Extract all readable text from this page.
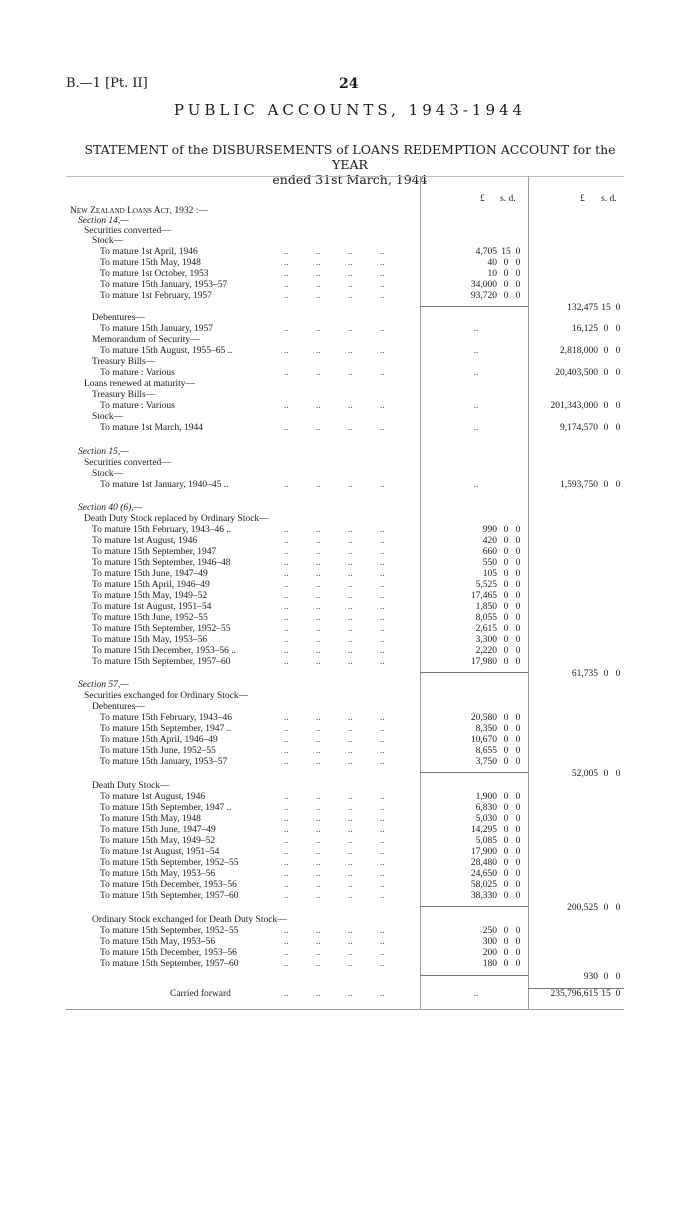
B.—1 [Pt. II]	24
PUBLIC ACCOUNTS, 1943-1944
STATEMENT of the DISBURSEMENTS of LOANS REDEMPTION ACCOUNT for the YEAR
ended 31st March, 1944
£ s. d.	£ s. d.
New Zealand Loans Act, 1932 :—
Section 14,—
Securities converted—
Stock—
To mature 1st April, 1946	..	..	..	..	4,705 15 0
To mature 15th May, 1948	..	..	..	..	40 0 0
To mature 1st October, 1953	..	..	..	..	10 0 0
To mature 15th January, 1953–57	..	..	..	..	34,000 0 0
To mature 1st February, 1957	..	..	..	..	93,720 0 0
132,475 15 0
Debentures—
To mature 15th January, 1957	..	..	..	..	..	16,125 0 0
Memorandum of Security—
To mature 15th August, 1955–65 ..	..	..	..	..	..	2,818,000 0 0
Treasury Bills—
To mature : Various	..	..	..	..	..	20,403,500 0 0
Loans renewed at maturity—
Treasury Bills—
To mature : Various	..	..	..	..	..	201,343,000 0 0
Stock—
To mature 1st March, 1944	..	..	..	..	..	9,174,570 0 0
Section 15,—
Securities converted—
Stock—
To mature 1st January, 1940–45 ..	..	..	..	..	..	1,593,750 0 0
Section 40 (6),—
Death Duty Stock replaced by Ordinary Stock—
To mature 15th February, 1943–46 ..	..	..	..	..	990 0 0
To mature 1st August, 1946	..	..	..	..	420 0 0
To mature 15th September, 1947	..	..	..	..	660 0 0
To mature 15th September, 1946–48	..	..	..	..	550 0 0
To mature 15th June, 1947–49	..	..	..	..	105 0 0
To mature 15th April, 1946–49	..	..	..	..	5,525 0 0
To mature 15th May, 1949–52	..	..	..	..	17,465 0 0
To mature 1st August, 1951–54	..	..	..	..	1,850 0 0
To mature 15th June, 1952–55	..	..	..	..	8,055 0 0
To mature 15th September, 1952–55	..	..	..	..	2,615 0 0
To mature 15th May, 1953–56	..	..	..	..	3,300 0 0
To mature 15th December, 1953–56 ..	..	..	..	..	2,220 0 0
To mature 15th September, 1957–60	..	..	..	..	17,980 0 0
61,735 0 0
Section 57,—
Securities exchanged for Ordinary Stock—
Debentures—
To mature 15th February, 1943–46	..	..	..	..	20,580 0 0
To mature 15th September, 1947 ..	..	..	..	..	8,350 0 0
To mature 15th April, 1946–49	..	..	..	..	10,670 0 0
To mature 15th June, 1952–55	..	..	..	..	8,655 0 0
To mature 15th January, 1953–57	..	..	..	..	3,750 0 0
52,005 0 0
Death Duty Stock—
To mature 1st August, 1946	..	..	..	..	1,900 0 0
To mature 15th September, 1947 ..	..	..	..	..	6,830 0 0
To mature 15th May, 1948	..	..	..	..	5,030 0 0
To mature 15th June, 1947–49	..	..	..	..	14,295 0 0
To mature 15th May, 1949–52	..	..	..	..	5,085 0 0
To mature 1st August, 1951–54	..	..	..	..	17,900 0 0
To mature 15th September, 1952–55	..	..	..	..	28,480 0 0
To mature 15th May, 1953–56	..	..	..	..	24,650 0 0
To mature 15th December, 1953–56	..	..	..	..	58,025 0 0
To mature 15th September, 1957–60	..	..	..	..	38,330 0 0
200,525 0 0
Ordinary Stock exchanged for Death Duty Stock—
To mature 15th September, 1952–55	..	..	..	..	250 0 0
To mature 15th May, 1953–56	..	..	..	..	300 0 0
To mature 15th December, 1953–56	..	..	..	..	200 0 0
To mature 15th September, 1957–60	..	..	..	..	180 0 0
930 0 0
Carried forward	..	..	..	..	..	235,796,615 15 0
